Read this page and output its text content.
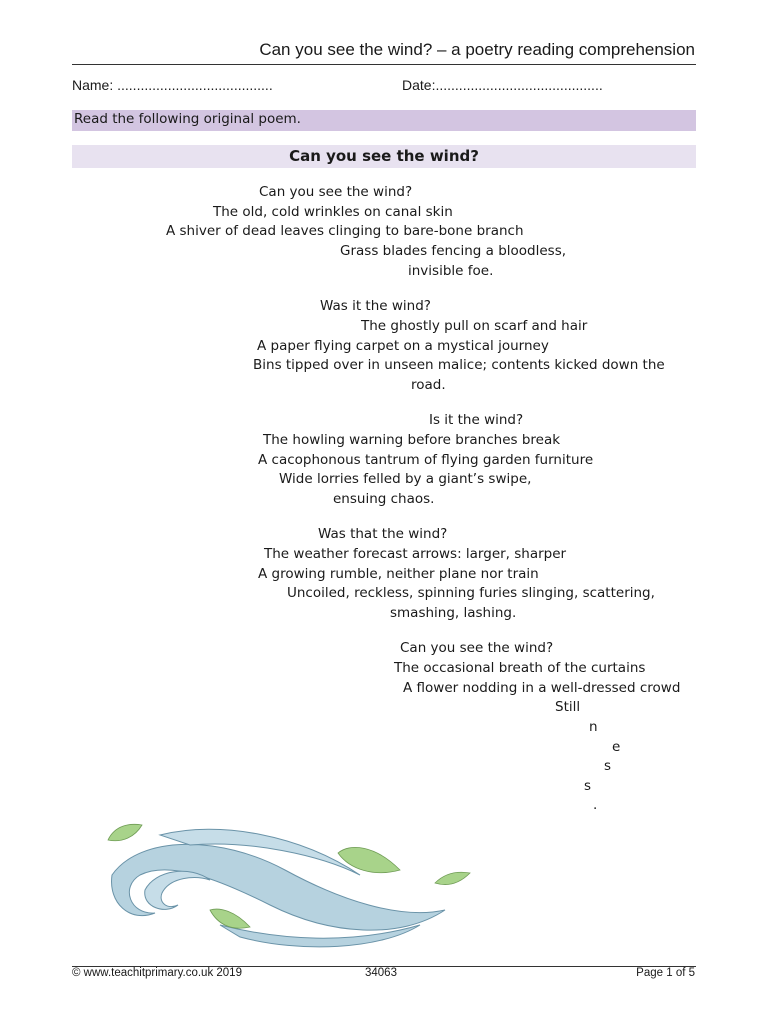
Can you see the wind? – a poetry reading comprehension
Name: ........................................	Date:...........................................
Read the following original poem.
Can you see the wind?
Can you see the wind?
The old, cold wrinkles on canal skin
A shiver of dead leaves clinging to bare-bone branch
Grass blades fencing a bloodless,
invisible foe.
Was it the wind?
The ghostly pull on scarf and hair
A paper flying carpet on a mystical journey
Bins tipped over in unseen malice; contents kicked down the
road.
Is it the wind?
The howling warning before branches break
A cacophonous tantrum of flying garden furniture
Wide lorries felled by a giant’s swipe,
ensuing chaos.
Was that the wind?
The weather forecast arrows: larger, sharper
A growing rumble, neither plane nor train
Uncoiled, reckless, spinning furies slinging, scattering,
smashing, lashing.
Can you see the wind?
The occasional breath of the curtains
A flower nodding in a well-dressed crowd
Still
n
e
s
s
.
© www.teachitprimary.co.uk 2019	34063	Page 1 of 5
